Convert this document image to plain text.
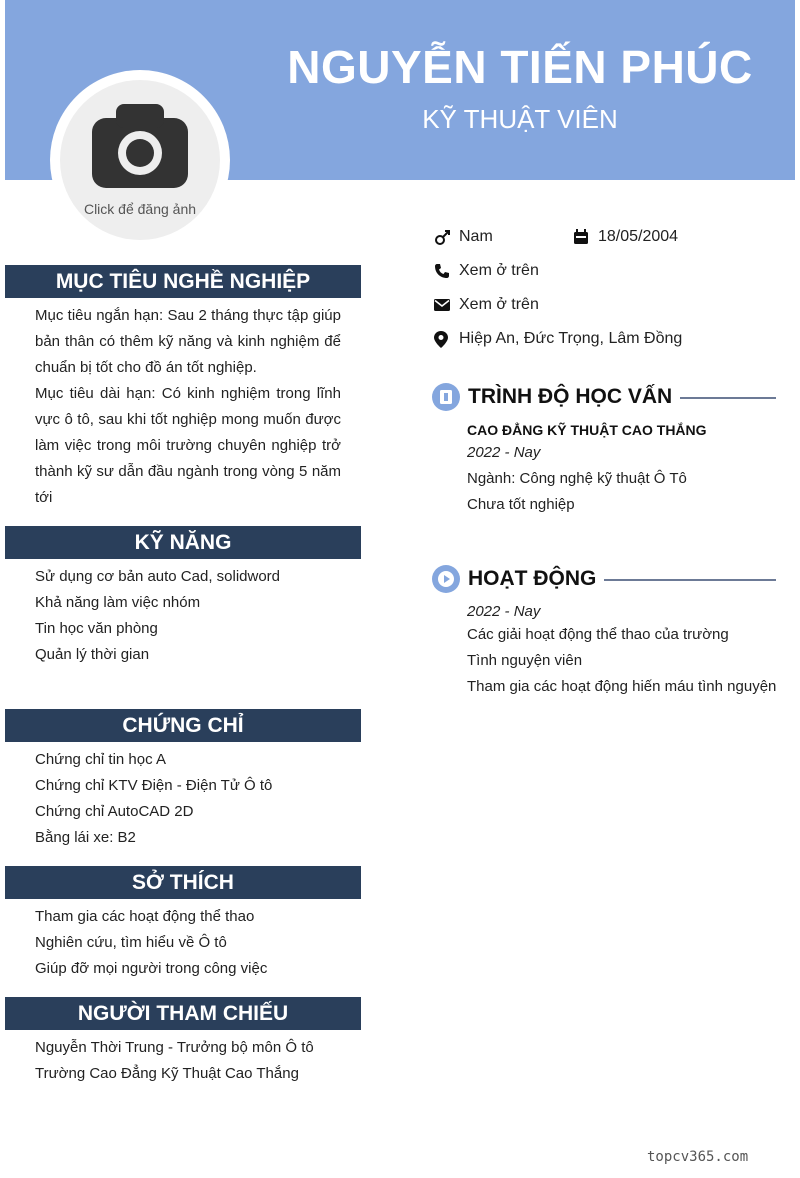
NGUYỄN TIẾN PHÚC
KỸ THUẬT VIÊN
Click để đăng ảnh
Nam	18/05/2004
Xem ở trên
Xem ở trên
Hiệp An, Đức Trọng, Lâm Đồng
MỤC TIÊU NGHỀ NGHIỆP

Mục tiêu ngắn hạn: Sau 2 tháng thực tập giúp bản thân có thêm kỹ năng và kinh nghiệm để chuẩn bị tốt cho đồ án tốt nghiệp.

Mục tiêu dài hạn: Có kinh nghiệm trong lĩnh vực ô tô, sau khi tốt nghiệp mong muốn được làm việc trong môi trường chuyên nghiệp trở thành kỹ sư dẫn đầu ngành trong vòng 5 năm tới

KỸ NĂNG
Sử dụng cơ bản auto Cad, solidword
Khả năng làm việc nhóm
Tin học văn phòng
Quản lý thời gian
CHỨNG CHỈ
Chứng chỉ tin học A
Chứng chỉ KTV Điện - Điện Tử Ô tô
Chứng chỉ AutoCAD 2D
Bằng lái xe: B2
SỞ THÍCH
Tham gia các hoạt động thể thao
Nghiên cứu, tìm hiểu về Ô tô
Giúp đỡ mọi người trong công việc
NGƯỜI THAM CHIẾU
Nguyễn Thời Trung - Trưởng bộ môn Ô tô
Trường Cao Đẳng Kỹ Thuật Cao Thắng
TRÌNH ĐỘ HỌC VẤN
CAO ĐẲNG KỸ THUẬT CAO THẮNG
2022 - Nay
Ngành: Công nghệ kỹ thuật Ô Tô
Chưa tốt nghiệp
HOẠT ĐỘNG
2022 - Nay
Các giải hoạt động thể thao của trường
Tình nguyện viên
Tham gia các hoạt động hiến máu tình nguyện
topcv365.com
